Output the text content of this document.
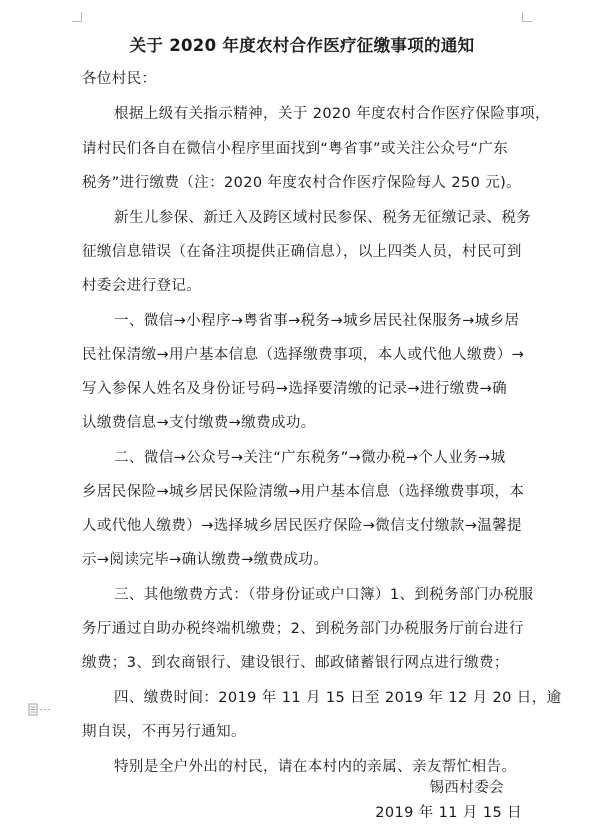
关于 2020 年度农村合作医疗征缴事项的通知
各位村民：
根据上级有关指示精神，关于 2020 年度农村合作医疗保险事项，
请村民们各自在微信小程序里面找到“粤省事”或关注公众号“广东
税务”进行缴费（注：2020 年度农村合作医疗保险每人 250 元)。
新生儿参保、新迁入及跨区域村民参保、税务无征缴记录、税务
征缴信息错误（在备注项提供正确信息），以上四类人员，村民可到
村委会进行登记。
一、微信→小程序→粤省事→税务→城乡居民社保服务→城乡居
民社保清缴→用户基本信息（选择缴费事项，本人或代他人缴费）→
写入参保人姓名及身份证号码→选择要清缴的记录→进行缴费→确
认缴费信息→支付缴费→缴费成功。
二、微信→公众号→关注“广东税务”→微办税→个人业务→城
乡居民保险→城乡居民保险清缴→用户基本信息（选择缴费事项，本
人或代他人缴费）→选择城乡居民医疗保险→微信支付缴款→温馨提
示→阅读完毕→确认缴费→缴费成功。
三、其他缴费方式：（带身份证或户口簿）1、到税务部门办税服
务厅通过自助办税终端机缴费；2、到税务部门办税服务厅前台进行
缴费；3、到农商银行、建设银行、邮政储蓄银行网点进行缴费；
四、缴费时间：2019 年 11 月 15 日至 2019 年 12 月 20 日，逾
期自误，不再另行通知。
特别是全户外出的村民，请在本村内的亲属、亲友帮忙相告。
锡西村委会
2019 年 11 月 15 日
